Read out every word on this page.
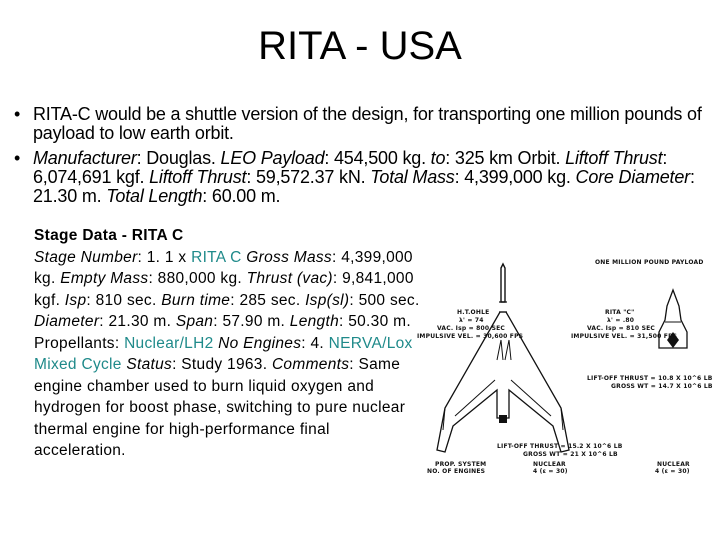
RITA - USA
• RITA-C would be a shuttle version of the design, for transporting one million pounds of payload to low earth orbit.
• Manufacturer: Douglas. LEO Payload: 454,500 kg. to: 325 km Orbit. Liftoff Thrust: 6,074,691 kgf. Liftoff Thrust: 59,572.37 kN. Total Mass: 4,399,000 kg. Core Diameter: 21.30 m. Total Length: 60.00 m.
Stage Data - RITA C
Stage Number: 1. 1 x RITA C Gross Mass: 4,399,000 kg. Empty Mass: 880,000 kg. Thrust (vac): 9,841,000 kgf. Isp: 810 sec. Burn time: 285 sec. Isp(sl): 500 sec. Diameter: 21.30 m. Span: 57.90 m. Length: 50.30 m. Propellants: Nuclear/LH2 No Engines: 4. NERVA/Lox Mixed Cycle Status: Study 1963. Comments: Same engine chamber used to burn liquid oxygen and hydrogen for boost phase, switching to pure nuclear thermal engine for high-performance final acceleration.
ONE MILLION POUND PAYLOAD
H.T.OHLE
λ' = 74
VAC. Isp = 800 SEC
IMPULSIVE VEL. = 30,600 FPS
RITA "C"
λ' = .80
VAC. Isp = 810 SEC
IMPULSIVE VEL. = 31,500 FPS
LIFT-OFF THRUST = 10.8 X 10^6 LB
GROSS WT = 14.7 X 10^6 LB
LIFT-OFF THRUST = 15.2 X 10^6 LB
GROSS WT = 21 X 10^6 LB
PROP. SYSTEM
NO. OF ENGINES
NUCLEAR
4 (ε = 30)
NUCLEAR
4 (ε = 30)
